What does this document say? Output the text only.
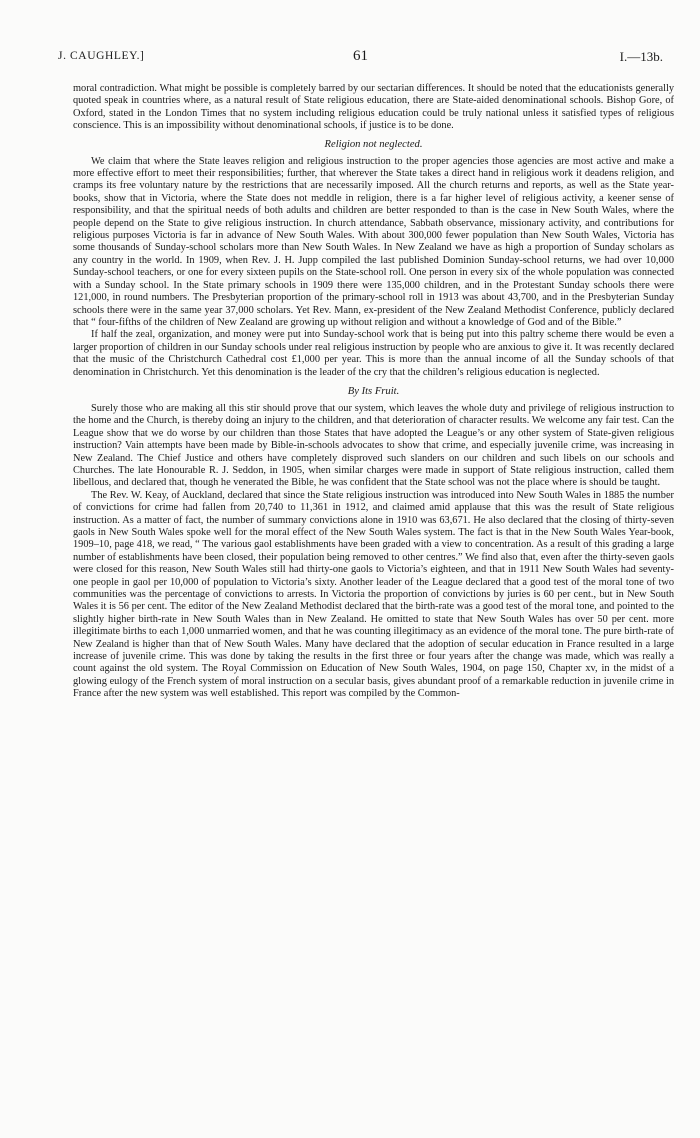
J. CAUGHLEY.]	61	I.—13b.

moral contradiction. What might be possible is completely barred by our sectarian differences. It should be noted that the educationists generally quoted speak in countries where, as a natural result of State religious education, there are State-aided denominational schools. Bishop Gore, of Oxford, stated in the London Times that no system including religious education could be truly national unless it satisfied types of religious conscience. This is an impossibility without denominational schools, if justice is to be done.

Religion not neglected.

We claim that where the State leaves religion and religious instruction to the proper agencies those agencies are most active and make a more effective effort to meet their responsibilities; further, that wherever the State takes a direct hand in religious work it deadens religion, and cramps its free voluntary nature by the restrictions that are necessarily imposed. All the church returns and reports, as well as the State year-books, show that in Victoria, where the State does not meddle in religion, there is a far higher level of religious activity, a keener sense of responsibility, and that the spiritual needs of both adults and children are better responded to than is the case in New South Wales, where the people depend on the State to give religious instruction. In church attendance, Sabbath observance, missionary activity, and contributions for religious purposes Victoria is far in advance of New South Wales. With about 300,000 fewer population than New South Wales, Victoria has some thousands of Sunday-school scholars more than New South Wales. In New Zealand we have as high a proportion of Sunday scholars as any country in the world. In 1909, when Rev. J. H. Jupp compiled the last published Dominion Sunday-school returns, we had over 10,000 Sunday-school teachers, or one for every sixteen pupils on the State-school roll. One person in every six of the whole population was connected with a Sunday school. In the State primary schools in 1909 there were 135,000 children, and in the Protestant Sunday schools there were 121,000, in round numbers. The Presbyterian proportion of the primary-school roll in 1913 was about 43,700, and in the Presbyterian Sunday schools there were in the same year 37,000 scholars. Yet Rev. Mann, ex-president of the New Zealand Methodist Conference, publicly declared that “ four-fifths of the children of New Zealand are growing up without religion and without a knowledge of God and of the Bible.”

If half the zeal, organization, and money were put into Sunday-school work that is being put into this paltry scheme there would be even a larger proportion of children in our Sunday schools under real religious instruction by people who are anxious to give it. It was recently declared that the music of the Christchurch Cathedral cost £1,000 per year. This is more than the annual income of all the Sunday schools of that denomination in Christchurch. Yet this denomination is the leader of the cry that the children’s religious education is neglected.

By Its Fruit.

Surely those who are making all this stir should prove that our system, which leaves the whole duty and privilege of religious instruction to the home and the Church, is thereby doing an injury to the children, and that deterioration of character results. We welcome any fair test. Can the League show that we do worse by our children than those States that have adopted the League’s or any other system of State-given religious instruction? Vain attempts have been made by Bible-in-schools advocates to show that crime, and especially juvenile crime, was increasing in New Zealand. The Chief Justice and others have completely disproved such slanders on our children and such libels on our schools and Churches. The late Honourable R. J. Seddon, in 1905, when similar charges were made in support of State religious instruction, called them libellous, and declared that, though he venerated the Bible, he was confident that the State school was not the place where is should be taught.

The Rev. W. Keay, of Auckland, declared that since the State religious instruction was introduced into New South Wales in 1885 the number of convictions for crime had fallen from 20,740 to 11,361 in 1912, and claimed amid applause that this was the result of State religious instruction. As a matter of fact, the number of summary convictions alone in 1910 was 63,671. He also declared that the closing of thirty-seven gaols in New South Wales spoke well for the moral effect of the New South Wales system. The fact is that in the New South Wales Year-book, 1909–10, page 418, we read, “ The various gaol establishments have been graded with a view to concentration. As a result of this grading a large number of establishments have been closed, their population being removed to other centres.” We find also that, even after the thirty-seven gaols were closed for this reason, New South Wales still had thirty-one gaols to Victoria’s eighteen, and that in 1911 New South Wales had seventy-one people in gaol per 10,000 of population to Victoria’s sixty. Another leader of the League declared that a good test of the moral tone of two communities was the percentage of convictions to arrests. In Victoria the proportion of convictions by juries is 60 per cent., but in New South Wales it is 56 per cent. The editor of the New Zealand Methodist declared that the birth-rate was a good test of the moral tone, and pointed to the slightly higher birth-rate in New South Wales than in New Zealand. He omitted to state that New South Wales has over 50 per cent. more illegitimate births to each 1,000 unmarried women, and that he was counting illegitimacy as an evidence of the moral tone. The pure birth-rate of New Zealand is higher than that of New South Wales. Many have declared that the adoption of secular education in France resulted in a large increase of juvenile crime. This was done by taking the results in the first three or four years after the change was made, which was really a count against the old system. The Royal Commission on Education of New South Wales, 1904, on page 150, Chapter xv, in the midst of a glowing eulogy of the French system of moral instruction on a secular basis, gives abundant proof of a remarkable reduction in juvenile crime in France after the new system was well established. This report was compiled by the Common-
